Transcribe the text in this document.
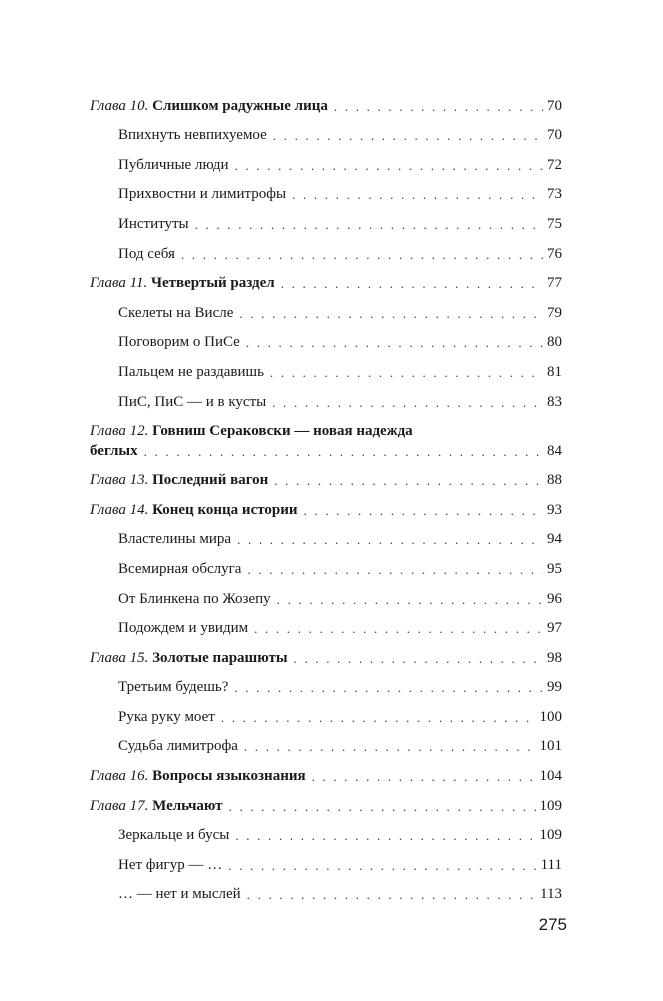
Глава 10. Слишком радужные лица . . .	70
Впихнуть невпихуемое . . .	70
Публичные люди . . .	72
Прихвостни и лимитрофы . . .	73
Институты . . .	75
Под себя . . .	76
Глава 11. Четвертый раздел . . .	77
Скелеты на Висле . . .	79
Поговорим о ПиСе . . .	80
Пальцем не раздавишь . . .	81
ПиС, ПиС — и в кусты . . .	83
Глава 12. Говниш Сераковски — новая надежда
беглых . . .	84
Глава 13. Последний вагон . . .	88
Глава 14. Конец конца истории . . .	93
Властелины мира . . .	94
Всемирная обслуга . . .	95
От Блинкена по Жозепу . . .	96
Подождем и увидим . . .	97
Глава 15. Золотые парашюты . . .	98
Третьим будешь? . . .	99
Рука руку моет . . .	100
Судьба лимитрофа . . .	101
Глава 16. Вопросы языкознания . . .	104
Глава 17. Мельчают . . .	109
Зеркальце и бусы . . .	109
Нет фигур — … . . .	111
… — нет и мыслей . . .	113
275
